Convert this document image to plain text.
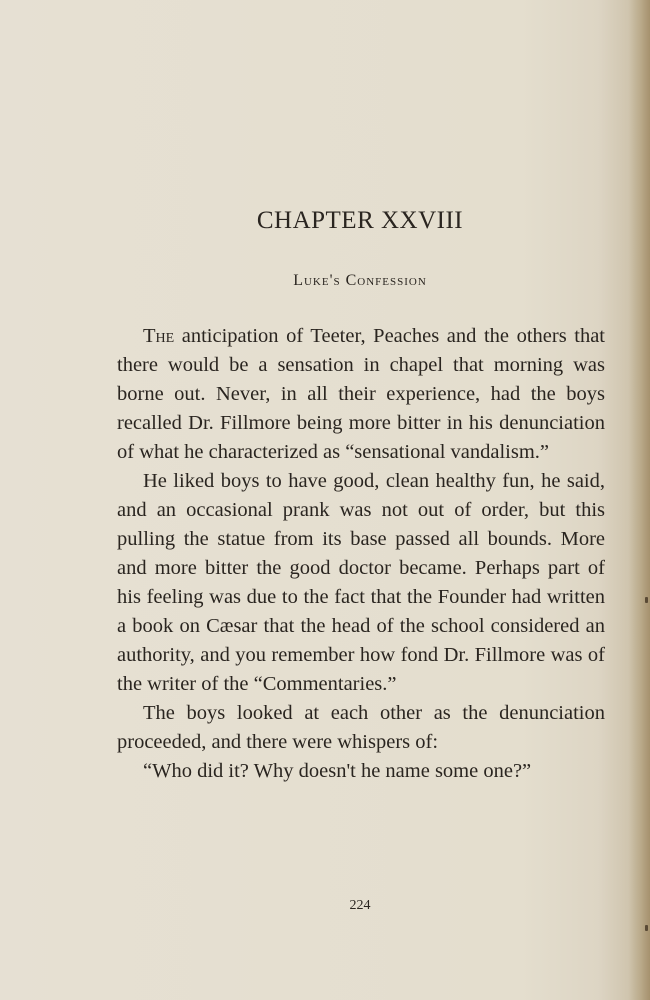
CHAPTER XXVIII
Luke's Confession

The anticipation of Teeter, Peaches and the others that there would be a sensation in chapel that morning was borne out. Never, in all their experience, had the boys recalled Dr. Fillmore being more bitter in his denunciation of what he characterized as “sensational vandalism.”

He liked boys to have good, clean healthy fun, he said, and an occasional prank was not out of order, but this pulling the statue from its base passed all bounds. More and more bitter the good doctor became. Perhaps part of his feeling was due to the fact that the Founder had written a book on Cæsar that the head of the school considered an authority, and you remember how fond Dr. Fillmore was of the writer of the “Commentaries.”

The boys looked at each other as the denunciation proceeded, and there were whispers of:

“Who did it? Why doesn't he name some one?”

224
